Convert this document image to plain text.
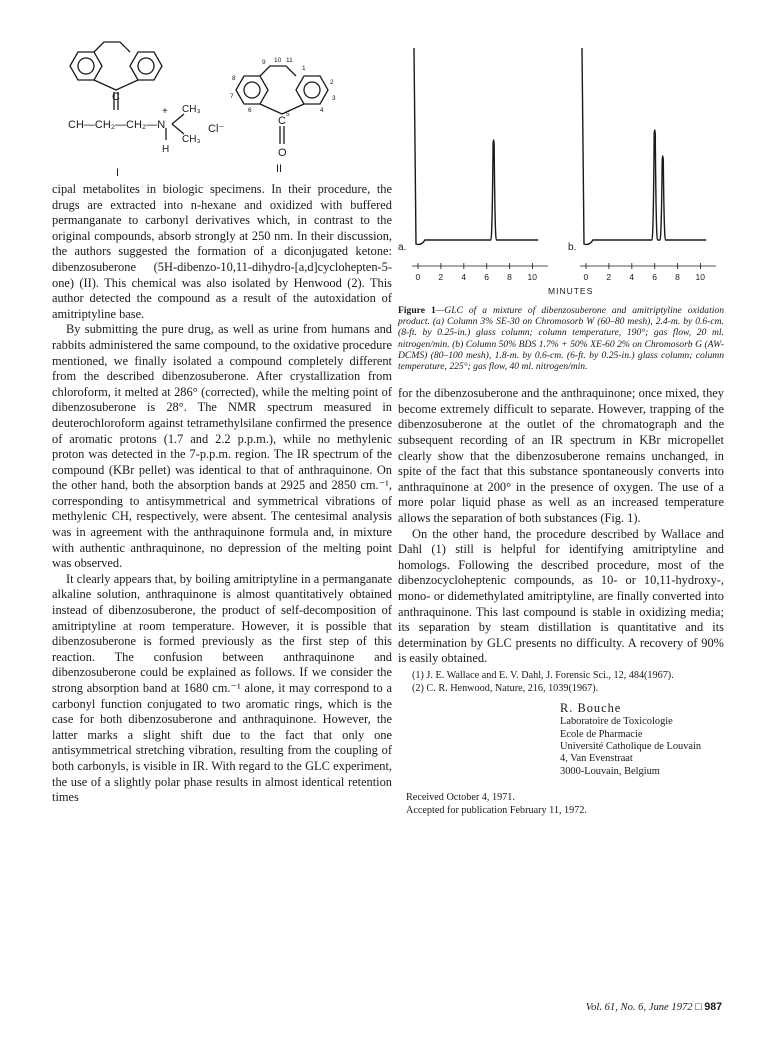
C
CH—CH₂—CH₂—N
+ CH₃
CH₃
H
Cl⁻
I
C
O
II
9 10 11
1
8
2
7	3
6
5
4

cipal metabolites in biologic specimens. In their procedure, the drugs are extracted into n-hexane and oxidized with buffered permanganate to carbonyl derivatives which, in contrast to the original compounds, absorb strongly at 250 nm. In their discussion, the authors suggested the formation of a diconjugated ketone: dibenzosuberone (5H-dibenzo-10,11-dihydro-[a,d]cyclohepten-5-one) (II). This chemical was also isolated by Henwood (2). This author detected the compound as a result of the autoxidation of amitriptyline base.

By submitting the pure drug, as well as urine from humans and rabbits administered the same compound, to the oxidative procedure mentioned, we finally isolated a compound completely different from the described dibenzosuberone. After crystallization from chloroform, it melted at 286° (corrected), while the melting point of dibenzosuberone is 28°. The NMR spectrum measured in deuterochloroform against tetramethylsilane confirmed the presence of aromatic protons (1.7 and 2.2 p.p.m.), while no methylenic proton was detected in the 7-p.p.m. region. The IR spectrum of the compound (KBr pellet) was identical to that of anthraquinone. On the other hand, both the absorption bands at 2925 and 2850 cm.⁻¹, corresponding to antisymmetrical and symmetrical vibrations of methylenic CH, respectively, were absent. The centesimal analysis was in agreement with the anthraquinone formula and, in mixture with authentic anthraquinone, no depression of the melting point was observed.

It clearly appears that, by boiling amitriptyline in a permanganate alkaline solution, anthraquinone is almost quantitatively obtained instead of dibenzosuberone, the product of self-decomposition of amitriptyline at room temperature. However, it is possible that dibenzosuberone is formed previously as the first step of this reaction. The confusion between anthraquinone and dibenzosuberone could be explained as follows. If we consider the strong absorption band at 1680 cm.⁻¹ alone, it may correspond to a carbonyl function conjugated to two aromatic rings, which is the case for both dibenzosuberone and anthraquinone. However, the latter marks a slight shift due to the fact that only one antisymmetrical stretching vibration, resulting from the coupling of both carbonyls, is visible in IR. With regard to the GLC experiment, the use of a slightly polar phase results in almost identical retention times

a.	b.
0 2 4 6 8 10	0 2 4 6 8 10
MINUTES
Figure 1—GLC of a mixture of dibenzosuberone and amitriptyline oxidation product. (a) Column 3% SE-30 on Chromosorb W (60–80 mesh), 2.4-m. by 0.6-cm. (8-ft. by 0.25-in.) glass column; column temperature, 190°; gas flow, 20 ml. nitrogen/min. (b) Column 50% BDS 1.7% + 50% XE-60 2% on Chromosorb G (AW-DCMS) (80–100 mesh), 1.8-m. by 0.6-cm. (6-ft. by 0.25-in.) glass column; column temperature, 225°; gas flow, 40 ml. nitrogen/min.

for the dibenzosuberone and the anthraquinone; once mixed, they become extremely difficult to separate. However, trapping of the dibenzosuberone at the outlet of the chromatograph and the subsequent recording of an IR spectrum in KBr micropellet clearly show that the dibenzosuberone remains unchanged, in spite of the fact that this substance spontaneously converts into anthraquinone at 200° in the presence of oxygen. The use of a more polar liquid phase as well as an increased temperature allows the separation of both substances (Fig. 1).

On the other hand, the procedure described by Wallace and Dahl (1) still is helpful for identifying amitriptyline and homologs. Following the described procedure, most of the dibenzocycloheptenic compounds, as 10- or 10,11-hydroxy-, mono- or didemethylated amitriptyline, are finally converted into anthraquinone. This last compound is stable in oxidizing media; its separation by steam distillation is quantitative and its determination by GLC presents no difficulty. A recovery of 90% is easily obtained.

(1) J. E. Wallace and E. V. Dahl, J. Forensic Sci., 12, 484(1967).
(2) C. R. Henwood, Nature, 216, 1039(1967).
R. Bouche
Laboratoire de Toxicologie
Ecole de Pharmacie
Université Catholique de Louvain
4, Van Evenstraat
3000-Louvain, Belgium
Received October 4, 1971.
Accepted for publication February 11, 1972.
Vol. 61, No. 6, June 1972 □ 987
